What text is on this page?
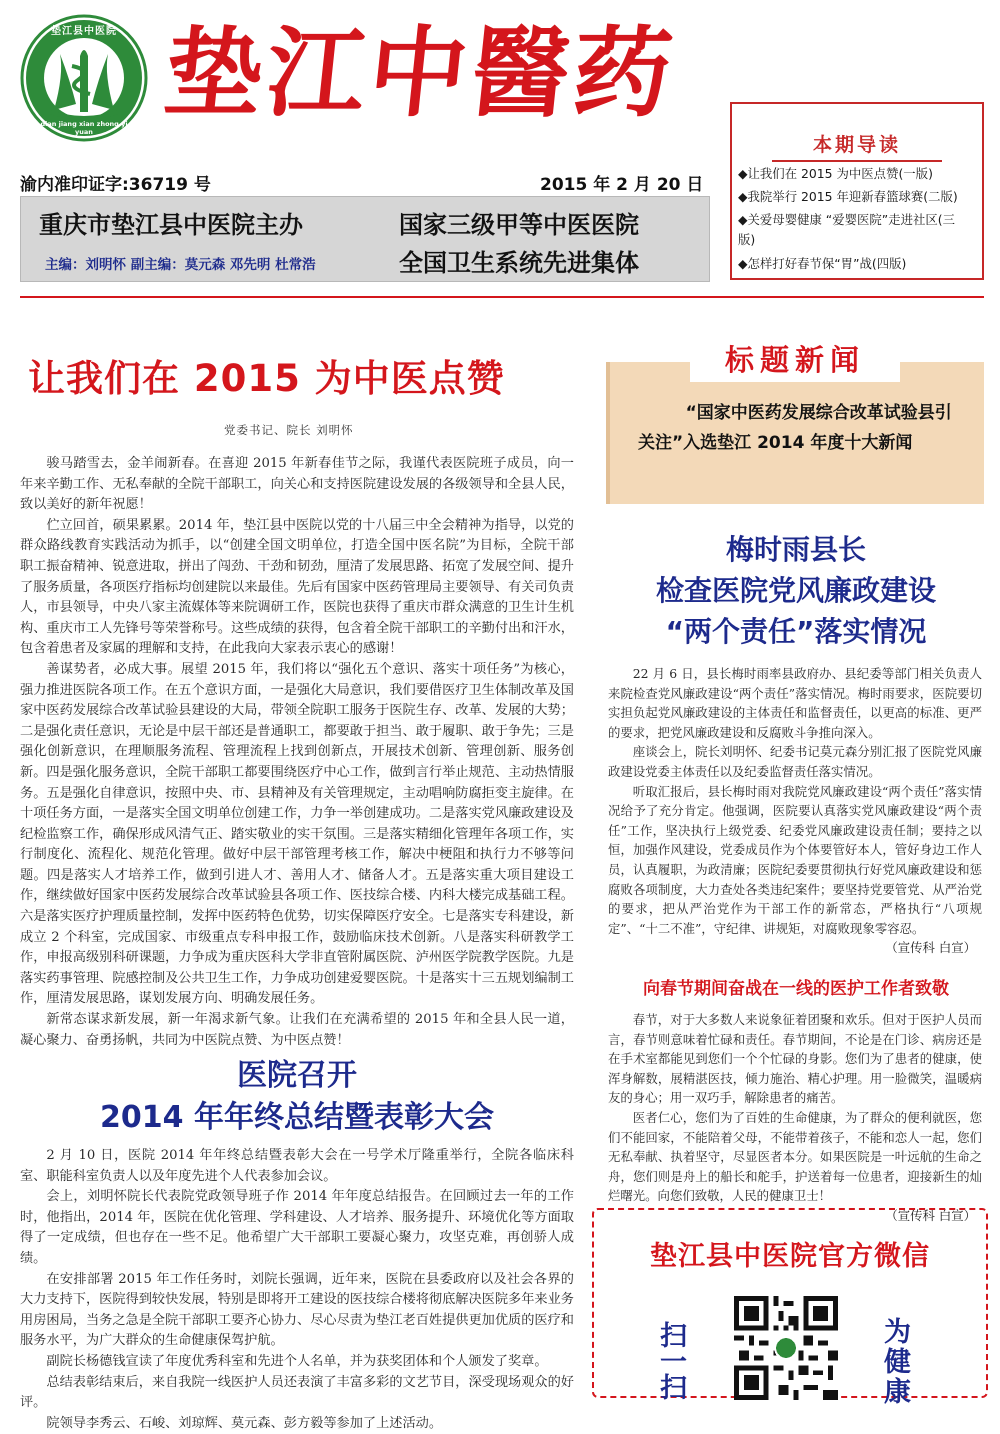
垫江县中医院
dian jiang xian zhong yi yuan
垫江中醫药
渝内准印证字:36719 号	2015 年 2 月 20 日
重庆市垫江县中医院主办	国家三级甲等中医医院
主编：刘明怀 副主编：莫元森 邓先明 杜常浩	全国卫生系统先进集体
本期导读
◆让我们在 2015 为中医点赞(一版)
◆我院举行 2015 年迎新春篮球赛(二版)
◆关爱母婴健康 “爱婴医院”走进社区(三版)
◆怎样打好春节保“胃”战(四版)
让我们在 2015 为中医点赞
党委书记、院长 刘明怀

骏马踏雪去，金羊闹新春。在喜迎 2015 年新春佳节之际，我谨代表医院班子成员，向一年来辛勤工作、无私奉献的全院干部职工，向关心和支持医院建设发展的各级领导和全县人民，致以美好的新年祝愿！

伫立回首，硕果累累。2014 年，垫江县中医院以党的十八届三中全会精神为指导，以党的群众路线教育实践活动为抓手，以“创建全国文明单位，打造全国中医名院”为目标，全院干部职工振奋精神、锐意进取，拼出了闯劲、干劲和韧劲，厘清了发展思路、拓宽了发展空间、提升了服务质量，各项医疗指标均创建院以来最佳。先后有国家中医药管理局主要领导、有关司负责人，市县领导，中央八家主流媒体等来院调研工作，医院也获得了重庆市群众满意的卫生计生机构、重庆市工人先锋号等荣誉称号。这些成绩的获得，包含着全院干部职工的辛勤付出和汗水，包含着患者及家属的理解和支持，在此我向大家表示衷心的感谢！

善谋势者，必成大事。展望 2015 年，我们将以“强化五个意识、落实十项任务”为核心，强力推进医院各项工作。在五个意识方面，一是强化大局意识，我们要借医疗卫生体制改革及国家中医药发展综合改革试验县建设的大局，带领全院职工服务于医院生存、改革、发展的大势；二是强化责任意识，无论是中层干部还是普通职工，都要敢于担当、敢于履职、敢于争先；三是强化创新意识，在理顺服务流程、管理流程上找到创新点，开展技术创新、管理创新、服务创新。四是强化服务意识，全院干部职工都要围绕医疗中心工作，做到言行举止规范、主动热情服务。五是强化自律意识，按照中央、市、县精神及有关管理规定，主动唱响防腐拒变主旋律。在十项任务方面，一是落实全国文明单位创建工作，力争一举创建成功。二是落实党风廉政建设及纪检监察工作，确保形成风清气正、踏实敬业的实干氛围。三是落实精细化管理年各项工作，实行制度化、流程化、规范化管理。做好中层干部管理考核工作，解决中梗阻和执行力不够等问题。四是落实人才培养工作，做到引进人才、善用人才、储备人才。五是落实重大项目建设工作，继续做好国家中医药发展综合改革试验县各项工作、医技综合楼、内科大楼完成基础工程。六是落实医疗护理质量控制，发挥中医药特色优势，切实保障医疗安全。七是落实专科建设，新成立 2 个科室，完成国家、市级重点专科申报工作，鼓励临床技术创新。八是落实科研教学工作，申报高级别科研课题，力争成为重庆医科大学非直管附属医院、泸州医学院教学医院。九是落实药事管理、院感控制及公共卫生工作，力争成功创建爱婴医院。十是落实十三五规划编制工作，厘清发展思路，谋划发展方向、明确发展任务。

新常态谋求新发展，新一年渴求新气象。让我们在充满希望的 2015 年和全县人民一道，凝心聚力、奋勇扬帆，共同为中医院点赞、为中医点赞！

医院召开
2014 年年终总结暨表彰大会

2 月 10 日，医院 2014 年年终总结暨表彰大会在一号学术厅隆重举行，全院各临床科室、职能科室负责人以及年度先进个人代表参加会议。

会上，刘明怀院长代表院党政领导班子作 2014 年年度总结报告。在回顾过去一年的工作时，他指出，2014 年，医院在优化管理、学科建设、人才培养、服务提升、环境优化等方面取得了一定成绩，但也存在一些不足。他希望广大干部职工要凝心聚力，攻坚克难，再创骄人成绩。

在安排部署 2015 年工作任务时，刘院长强调，近年来，医院在县委政府以及社会各界的大力支持下，医院得到较快发展，特别是即将开工建设的医技综合楼将彻底解决医院多年来业务用房困局，当务之急是全院干部职工要齐心协力、尽心尽责为垫江老百姓提供更加优质的医疗和服务水平，为广大群众的生命健康保驾护航。

副院长杨德钱宣读了年度优秀科室和先进个人名单，并为获奖团体和个人颁发了奖章。

总结表彰结束后，来自我院一线医护人员还表演了丰富多彩的文艺节目，深受现场观众的好评。

院领导李秀云、石峻、刘琼辉、莫元森、彭方毅等参加了上述活动。

“国家中医药发展综合改革试验县引关注”入选垫江 2014 年度十大新闻
标题新闻
梅时雨县长
检查医院党风廉政建设
“两个责任”落实情况

22 月 6 日，县长梅时雨率县政府办、县纪委等部门相关负责人来院检查党风廉政建设“两个责任”落实情况。梅时雨要求，医院要切实担负起党风廉政建设的主体责任和监督责任，以更高的标准、更严的要求，把党风廉政建设和反腐败斗争推向深入。

座谈会上，院长刘明怀、纪委书记莫元森分别汇报了医院党风廉政建设党委主体责任以及纪委监督责任落实情况。

听取汇报后，县长梅时雨对我院党风廉政建设“两个责任”落实情况给予了充分肯定。他强调，医院要认真落实党风廉政建设“两个责任”工作，坚决执行上级党委、纪委党风廉政建设责任制；要持之以恒，加强作风建设，党委成员作为个体要管好本人，管好身边工作人员，认真履职，为政清廉；医院纪委要贯彻执行好党风廉政建设和惩腐败各项制度，大力查处各类违纪案件；要坚持党要管党、从严治党的要求，把从严治党作为干部工作的新常态，严格执行“八项规定”、“十二不准”，守纪律、讲规矩，对腐败现象零容忍。

（宣传科 白宣）
向春节期间奋战在一线的医护工作者致敬

春节，对于大多数人来说象征着团聚和欢乐。但对于医护人员而言，春节则意味着忙碌和责任。春节期间，不论是在门诊、病房还是在手术室都能见到您们一个个忙碌的身影。您们为了患者的健康，使浑身解数，展精湛医技，倾力施治、精心护理。用一脸微笑，温暖病友的身心；用一双巧手，解除患者的痛苦。

医者仁心，您们为了百姓的生命健康，为了群众的便利就医，您们不能回家，不能陪着父母，不能带着孩子，不能和恋人一起，您们无私奉献、执着坚守，尽显医者本分。如果医院是一叶远航的生命之舟，您们则是舟上的船长和舵手，护送着每一位患者，迎接新生的灿烂曙光。向您们致敬，人民的健康卫士！

（宣传科 白宣）
垫江县中医院官方微信
扫
一
扫
为
健
康
